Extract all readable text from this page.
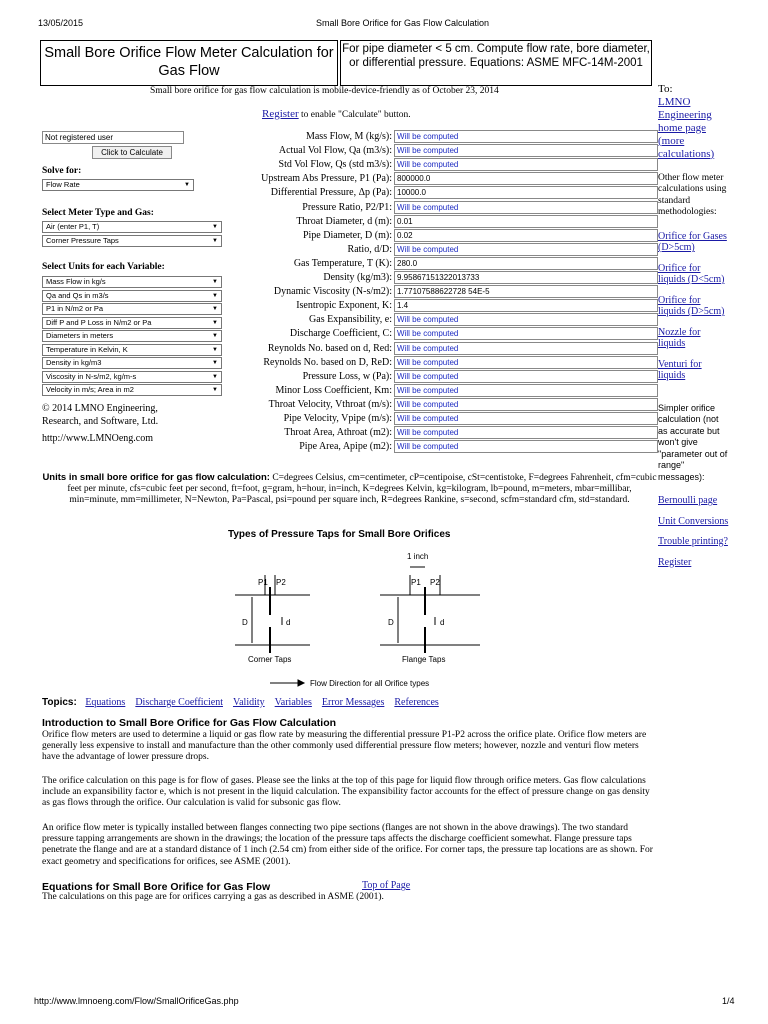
13/05/2015	Small Bore Orifice for Gas Flow Calculation
Small Bore Orifice Flow Meter Calculation for Gas Flow
For pipe diameter < 5 cm. Compute flow rate, bore diameter, or differential pressure. Equations: ASME MFC-14M-2001
Small bore orifice for gas flow calculation is mobile-device-friendly as of October 23, 2014
Register to enable "Calculate" button.
Not registered user
Click to Calculate
Solve for:
Flow Rate	▼
Select Meter Type and Gas:
Air (enter P1, T)	▼
Corner Pressure Taps	▼
Select Units for each Variable:
Mass Flow in kg/s	▼
Qa and Qs in m3/s	▼
P1 in N/m2 or Pa	▼
Diff P and P Loss in N/m2 or Pa	▼
Diameters in meters	▼
Temperature in Kelvin, K	▼
Density in kg/m3	▼
Viscosity in N-s/m2, kg/m-s	▼
Velocity in m/s; Area in m2	▼
© 2014 LMNO Engineering,
Research, and Software, Ltd.
http://www.LMNOeng.com
Mass Flow, M (kg/s): Will be computed
Actual Vol Flow, Qa (m3/s): Will be computed
Std Vol Flow, Qs (std m3/s): Will be computed
Upstream Abs Pressure, P1 (Pa): 800000.0
Differential Pressure, Δp (Pa): 10000.0
Pressure Ratio, P2/P1: Will be computed
Throat Diameter, d (m): 0.01
Pipe Diameter, D (m): 0.02
Ratio, d/D: Will be computed
Gas Temperature, T (K): 280.0
Density (kg/m3): 9.95867151322013733
Dynamic Viscosity (N-s/m2): 1.77107588622728 54E-5
Isentropic Exponent, K: 1.4
Gas Expansibility, e: Will be computed
Discharge Coefficient, C: Will be computed
Reynolds No. based on d, Red: Will be computed
Reynolds No. based on D, ReD: Will be computed
Pressure Loss, w (Pa): Will be computed
Minor Loss Coefficient, Km: Will be computed
Throat Velocity, Vthroat (m/s): Will be computed
Pipe Velocity, Vpipe (m/s): Will be computed
Throat Area, Athroat (m2): Will be computed
Pipe Area, Apipe (m2): Will be computed
To:
LMNO Engineering home page (more calculations)
Other flow meter calculations using standard methodologies:
Orifice for Gases (D>5cm)
Orifice for liquids (D<5cm)
Orifice for liquids (D>5cm)
Nozzle for liquids
Venturi for liquids
Simpler orifice calculation (not as accurate but won't give "parameter out of range" messages):
Bernoulli page
Unit Conversions
Trouble printing?
Register
Units in small bore orifice for gas flow calculation: C=degrees Celsius, cm=centimeter, cP=centipoise, cSt=centistoke, F=degrees Fahrenheit, cfm=cubic feet per minute, cfs=cubic feet per second, ft=foot, g=gram, h=hour, in=inch, K=degrees Kelvin, kg=kilogram, lb=pound, m=meters, mbar=millibar, min=minute, mm=millimeter, N=Newton, Pa=Pascal, psi=pound per square inch, R=degrees Rankine, s=second, scfm=standard cfm, std=standard.
Types of Pressure Taps for Small Bore Orifices
P1 P2
D	d
Corner Taps
1 inch
P1 P2
D	d
Flange Taps
Flow Direction for all Orifice types
Topics: Equations Discharge Coefficient Validity Variables Error Messages References
Introduction to Small Bore Orifice for Gas Flow Calculation
Orifice flow meters are used to determine a liquid or gas flow rate by measuring the differential pressure P1-P2 across the orifice plate. Orifice flow meters are generally less expensive to install and manufacture than the other commonly used differential pressure flow meters; however, nozzle and venturi flow meters have the advantage of lower pressure drops.
The orifice calculation on this page is for flow of gases. Please see the links at the top of this page for liquid flow through orifice meters. Gas flow calculations include an expansibility factor e, which is not present in the liquid calculation. The expansibility factor accounts for the effect of pressure change on gas density as gas flows through the orifice. Our calculation is valid for subsonic gas flow.
An orifice flow meter is typically installed between flanges connecting two pipe sections (flanges are not shown in the above drawings). The two standard pressure tapping arrangements are shown in the drawings; the location of the pressure taps affects the discharge coefficient somewhat. Flange pressure taps penetrate the flange and are at a standard distance of 1 inch (2.54 cm) from either side of the orifice. For corner taps, the pressure tap locations are as shown. For exact geometry and specifications for orifices, see ASME (2001).
Equations for Small Bore Orifice for Gas Flow	Top of Page
The calculations on this page are for orifices carrying a gas as described in ASME (2001).
http://www.lmnoeng.com/Flow/SmallOrificeGas.php	1/4
